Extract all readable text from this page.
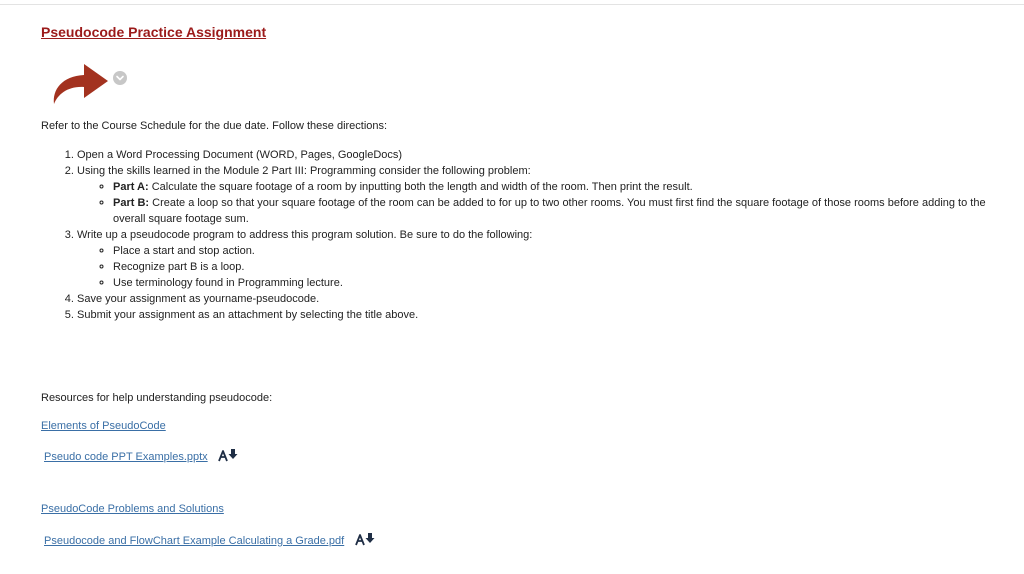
Pseudocode Practice Assignment
Refer to the Course Schedule for the due date. Follow these directions:
1. Open a Word Processing Document (WORD, Pages, GoogleDocs)
2. Using the skills learned in the Module 2 Part III: Programming consider the following problem:
◦ Part A: Calculate the square footage of a room by inputting both the length and width of the room. Then print the result.
◦ Part B: Create a loop so that your square footage of the room can be added to for up to two other rooms. You must first find the square footage of those rooms before adding to the overall square footage sum.
3. Write up a pseudocode program to address this program solution. Be sure to do the following:
◦ Place a start and stop action.
◦ Recognize part B is a loop.
◦ Use terminology found in Programming lecture.
4. Save your assignment as yourname-pseudocode.
5. Submit your assignment as an attachment by selecting the title above.
Resources for help understanding pseudocode:
Elements of PseudoCode
Pseudo code PPT Examples.pptx
PseudoCode Problems and Solutions
Pseudocode and FlowChart Example Calculating a Grade.pdf
